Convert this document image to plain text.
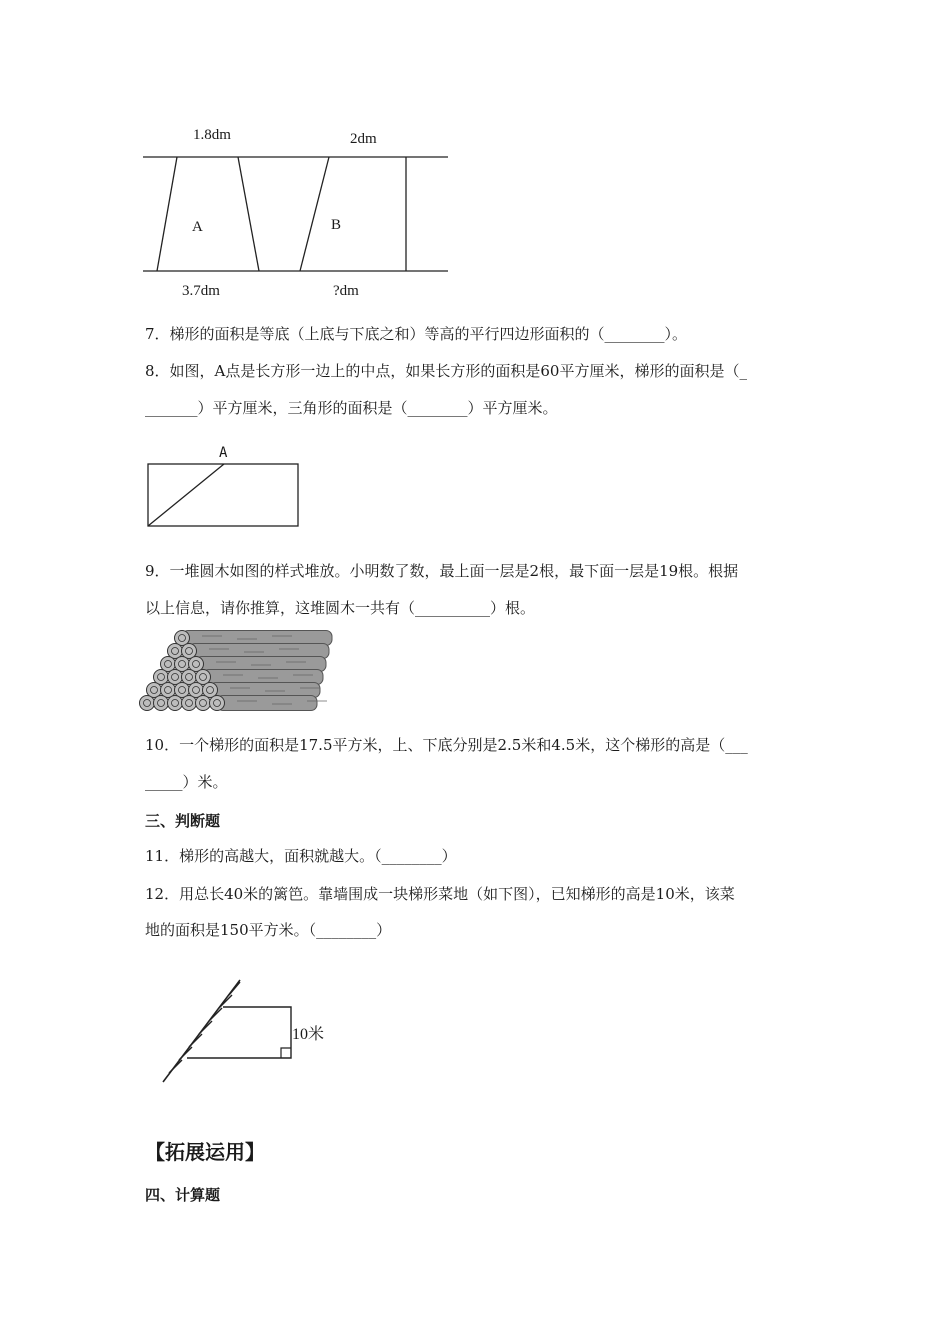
1.8dm	2dm
A	B
3.7dm	?dm
7．梯形的面积是等底（上底与下底之和）等高的平行四边形面积的（________）。
8．如图，A点是长方形一边上的中点，如果长方形的面积是60平方厘米，梯形的面积是（_
_______）平方厘米，三角形的面积是（________）平方厘米。
A
9．一堆圆木如图的样式堆放。小明数了数，最上面一层是2根，最下面一层是19根。根据
以上信息，请你推算，这堆圆木一共有（__________）根。
10．一个梯形的面积是17.5平方米，上、下底分别是2.5米和4.5米，这个梯形的高是（___
_____）米。
三、判断题
11．梯形的高越大，面积就越大。（________）
12．用总长40米的篱笆。靠墙围成一块梯形菜地（如下图），已知梯形的高是10米，该菜
地的面积是150平方米。（________）
10米
【拓展运用】
四、计算题
